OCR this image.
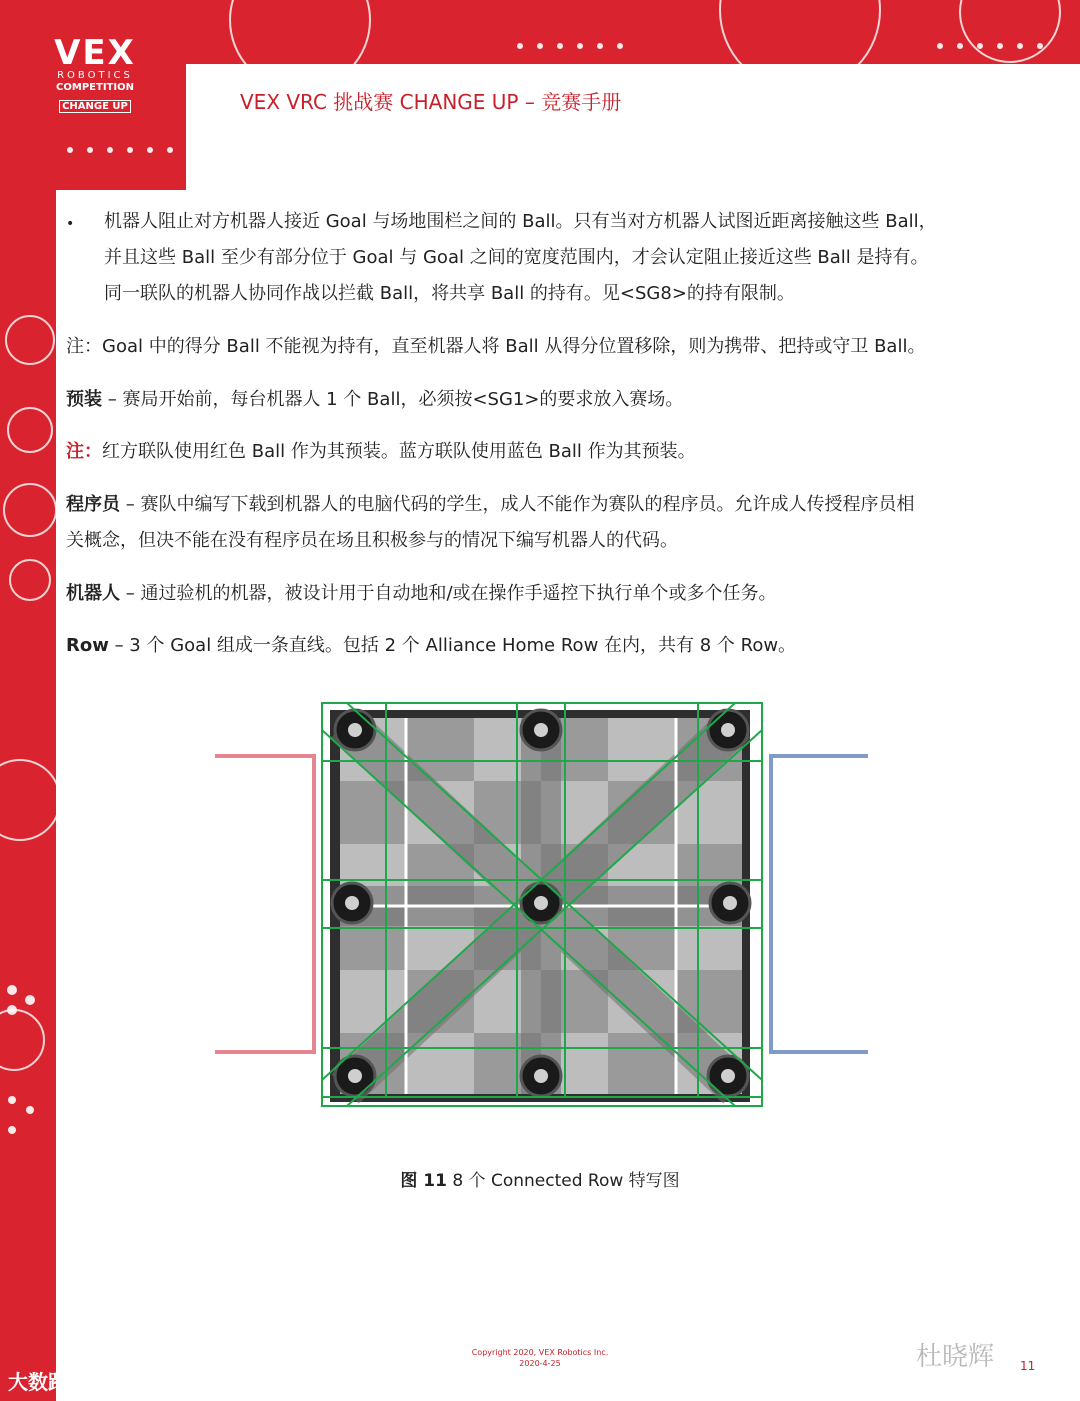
VEX
ROBOTICS
COMPETITION
CHANGE UP	VEX VRC 挑战赛 CHANGE UP – 竞赛手册
• 机器人阻止对方机器人接近 Goal 与场地围栏之间的 Ball。只有当对方机器人试图近距离接触这些 Ball，
并且这些 Ball 至少有部分位于 Goal 与 Goal 之间的宽度范围内，才会认定阻止接近这些 Ball 是持有。
同一联队的机器人协同作战以拦截 Ball，将共享 Ball 的持有。见<SG8>的持有限制。
注：Goal 中的得分 Ball 不能视为持有，直至机器人将 Ball 从得分位置移除，则为携带、把持或守卫 Ball。
预装 – 赛局开始前，每台机器人 1 个 Ball，必须按<SG1>的要求放入赛场。
注：红方联队使用红色 Ball 作为其预装。蓝方联队使用蓝色 Ball 作为其预装。
程序员 – 赛队中编写下载到机器人的电脑代码的学生，成人不能作为赛队的程序员。允许成人传授程序员相
关概念，但决不能在没有程序员在场且积极参与的情况下编写机器人的代码。
机器人 – 通过验机的机器，被设计用于自动地和/或在操作手遥控下执行单个或多个任务。
Row – 3 个 Goal 组成一条直线。包括 2 个 Alliance Home Row 在内，共有 8 个 Row。
图 11 8 个 Connected Row 特写图
Copyright 2020, VEX Robotics Inc.
2020-4-25	杜晓辉 11
大数跨境
